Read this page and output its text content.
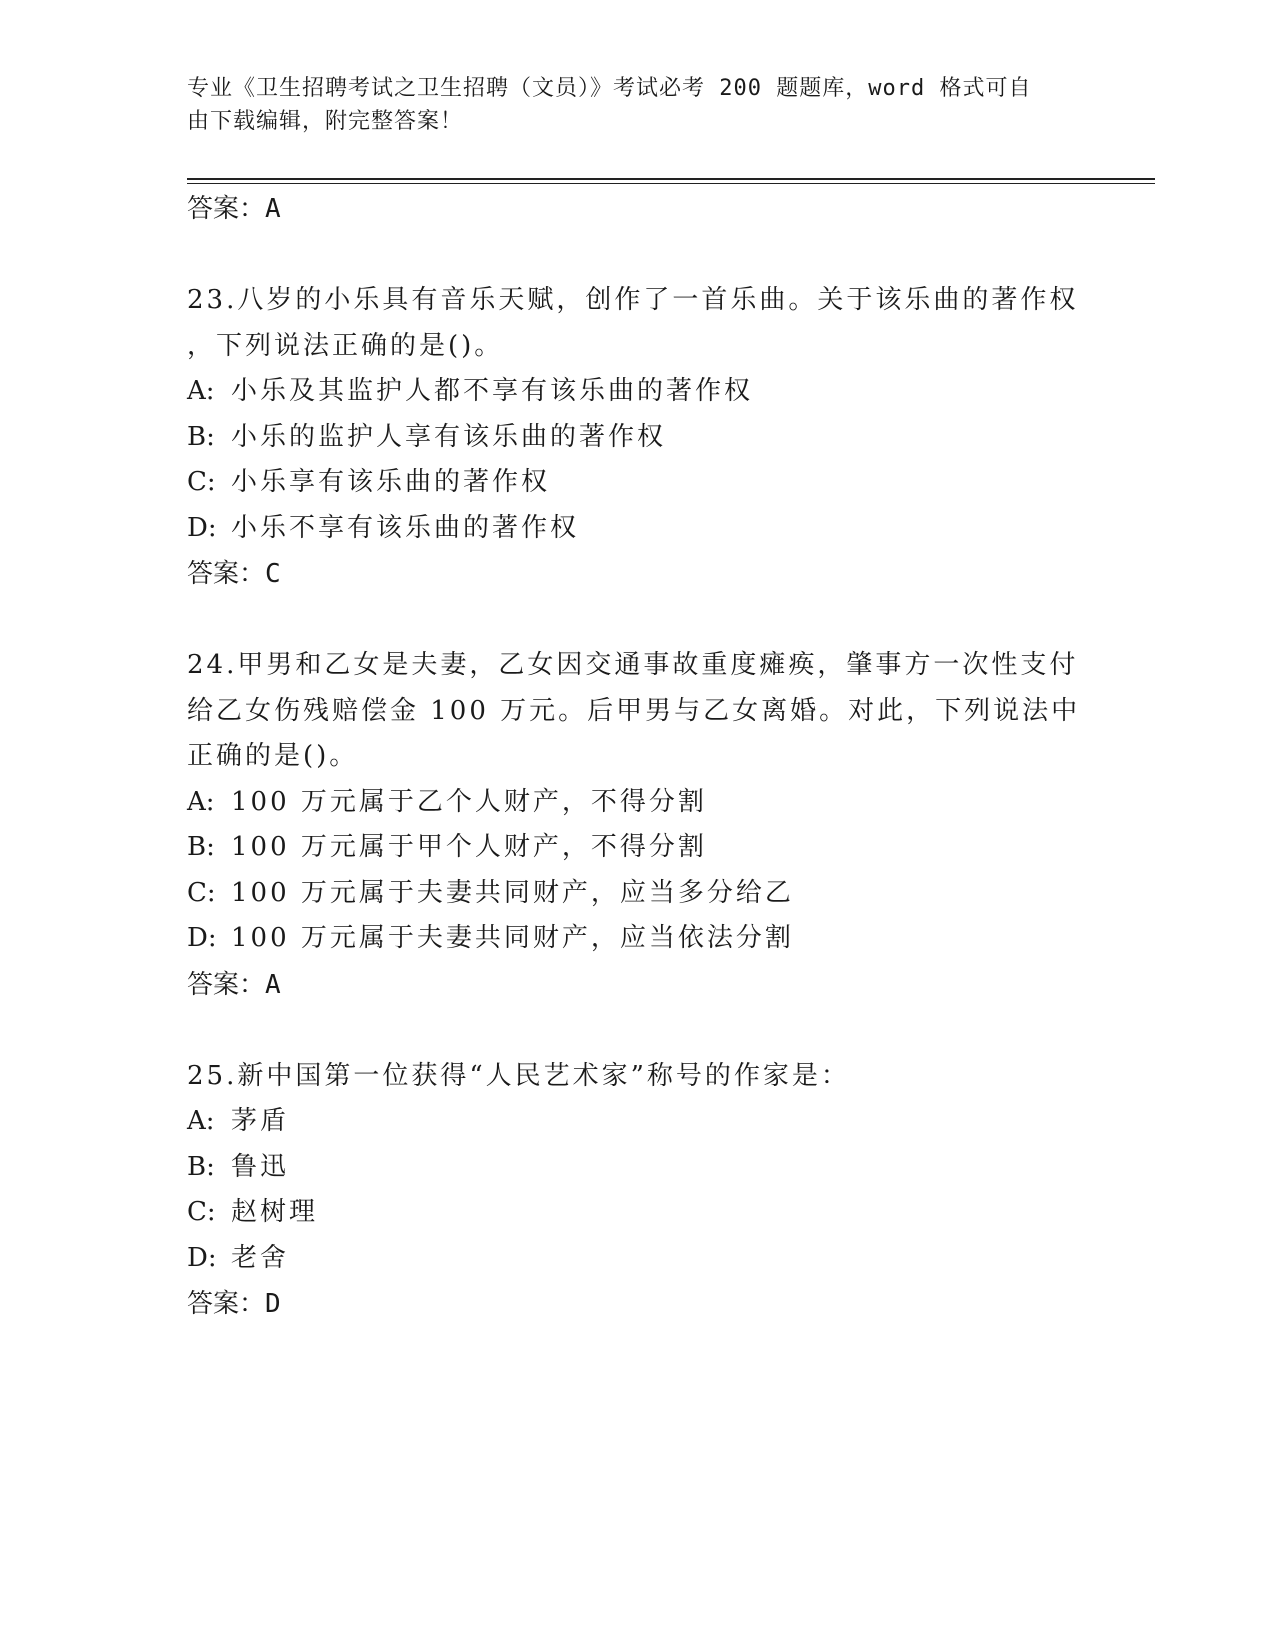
专业《卫生招聘考试之卫生招聘（文员）》考试必考 200 题题库，word 格式可自
由下载编辑，附完整答案！
答案：A
23.八岁的小乐具有音乐天赋，创作了一首乐曲。关于该乐曲的著作权
，下列说法正确的是()。
A: 小乐及其监护人都不享有该乐曲的著作权
B: 小乐的监护人享有该乐曲的著作权
C: 小乐享有该乐曲的著作权
D: 小乐不享有该乐曲的著作权
答案：C
24.甲男和乙女是夫妻，乙女因交通事故重度瘫痪，肇事方一次性支付
给乙女伤残赔偿金 100 万元。后甲男与乙女离婚。对此，下列说法中
正确的是()。
A: 100 万元属于乙个人财产，不得分割
B: 100 万元属于甲个人财产，不得分割
C: 100 万元属于夫妻共同财产，应当多分给乙
D: 100 万元属于夫妻共同财产，应当依法分割
答案：A
25.新中国第一位获得“人民艺术家”称号的作家是：
A: 茅盾
B: 鲁迅
C: 赵树理
D: 老舍
答案：D
